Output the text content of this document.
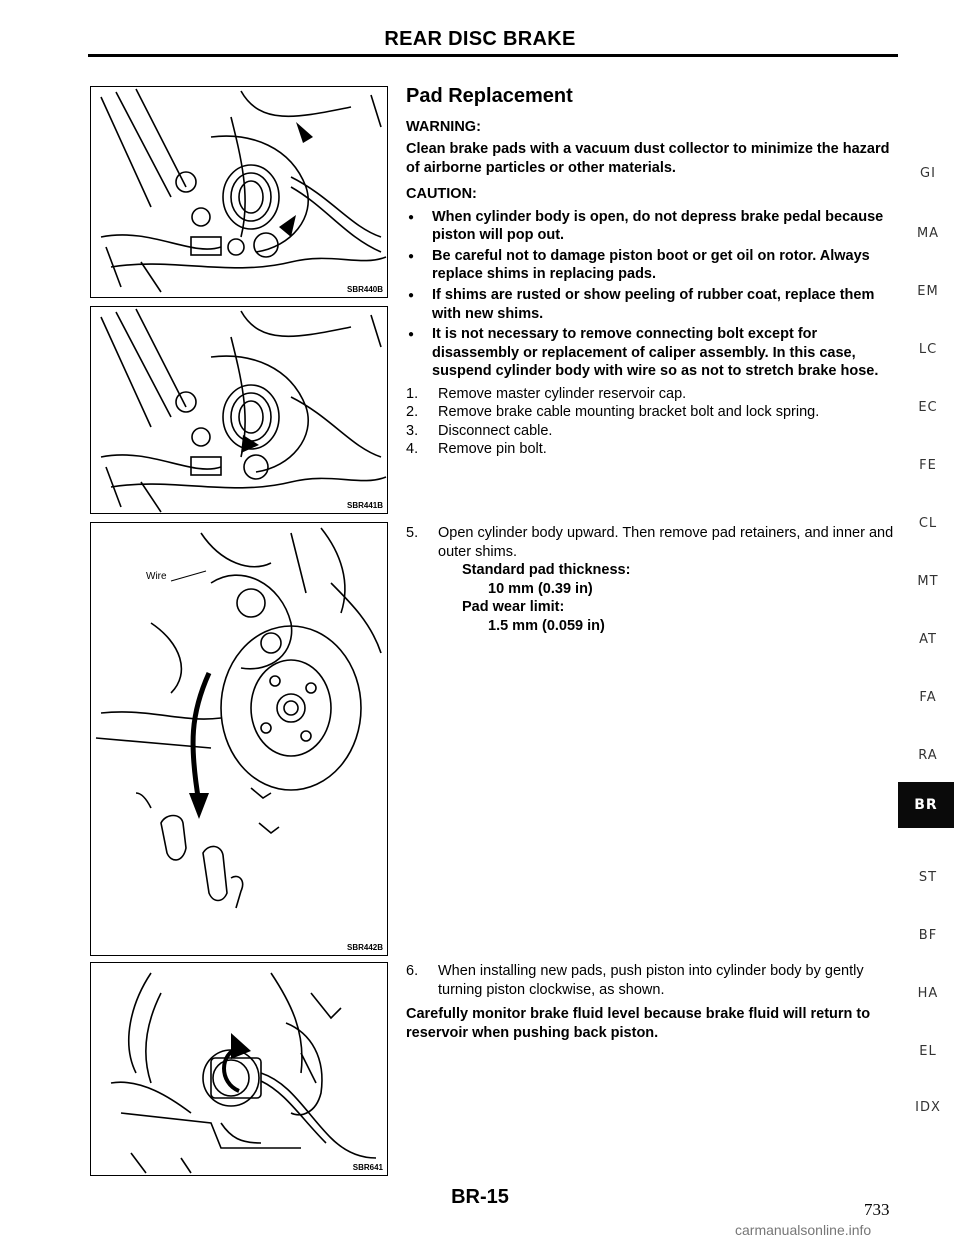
REAR DISC BRAKE
SBR440B
SBR441B
Wire
SBR442B
SBR641
Pad Replacement
WARNING:
Clean brake pads with a vacuum dust collector to minimize the hazard of airborne particles or other materials.
CAUTION:
● When cylinder body is open, do not depress brake pedal because piston will pop out.
● Be careful not to damage piston boot or get oil on rotor. Always replace shims in replacing pads.
● If shims are rusted or show peeling of rubber coat, replace them with new shims.
● It is not necessary to remove connecting bolt except for disassembly or replacement of caliper assembly. In this case, suspend cylinder body with wire so as not to stretch brake hose.
1. Remove master cylinder reservoir cap.
2. Remove brake cable mounting bracket bolt and lock spring.
3. Disconnect cable.
4. Remove pin bolt.
5. Open cylinder body upward. Then remove pad retainers, and inner and outer shims.
Standard pad thickness:
10 mm (0.39 in)
Pad wear limit:
1.5 mm (0.059 in)
6. When installing new pads, push piston into cylinder body by gently turning piston clockwise, as shown.
Carefully monitor brake fluid level because brake fluid will return to reservoir when pushing back piston.
GI
MA
EM
LC
EC
FE
CL
MT
AT
FA
RA
BR
ST
BF
HA
EL
IDX
BR-15
733
carmanualsonline.info
